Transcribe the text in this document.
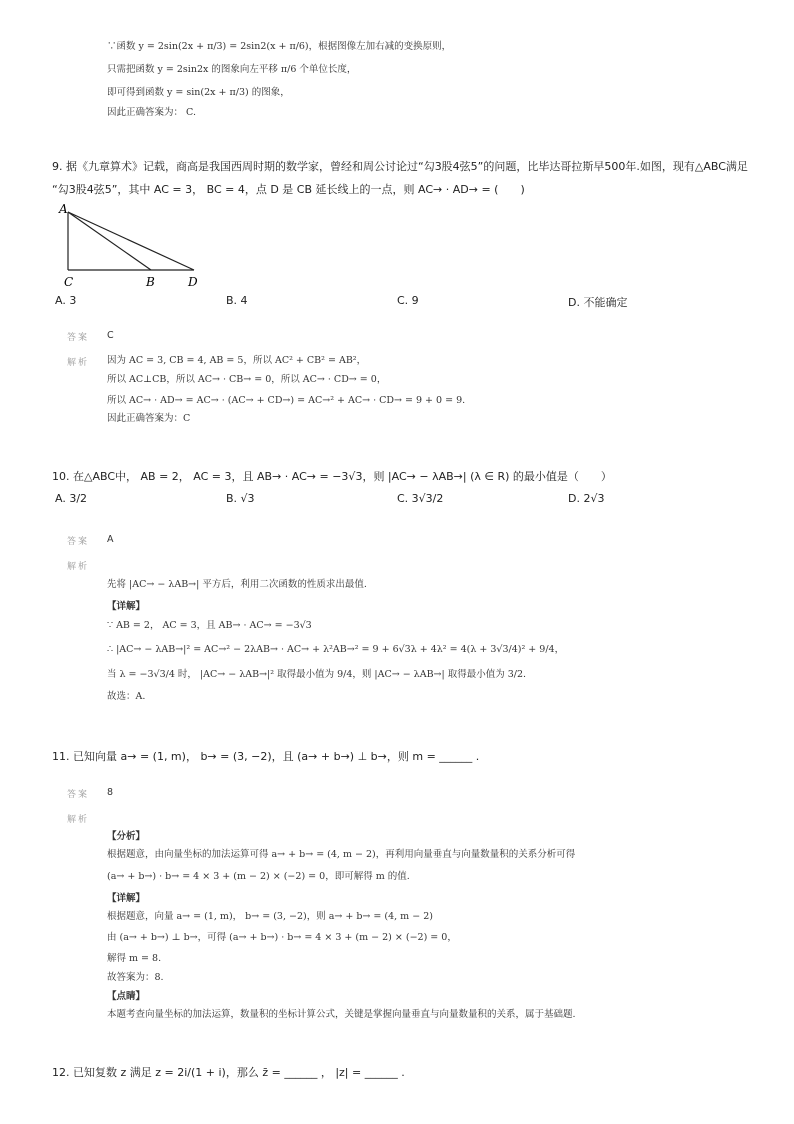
∵函数 y = 2sin(2x + π/3) = 2sin2(x + π/6)，根据图像左加右减的变换原则，
只需把函数 y = 2sin2x 的图象向左平移 π/6 个单位长度，
即可得到函数 y = sin(2x + π/3) 的图象，
因此正确答案为： C.
9. 据《九章算术》记载，商高是我国西周时期的数学家，曾经和周公讨论过“勾3股4弦5”的问题，比毕达哥拉斯早500年.如图，现有△ABC满足
“勾3股4弦5”，其中 AC = 3， BC = 4，点 D 是 CB 延长线上的一点，则 AC→ · AD→ = (　　)
A
C	B	D
A. 3	B. 4	C. 9	D. 不能确定
答案 C
解析 因为 AC = 3, CB = 4, AB = 5，所以 AC² + CB² = AB²，
所以 AC⊥CB，所以 AC→ · CB→ = 0，所以 AC→ · CD→ = 0，
所以 AC→ · AD→ = AC→ · (AC→ + CD→) = AC→² + AC→ · CD→ = 9 + 0 = 9.
因此正确答案为：C
10. 在△ABC中， AB = 2， AC = 3，且 AB→ · AC→ = −3√3，则 |AC→ − λAB→| (λ ∈ R) 的最小值是（　　）
A. 3/2	B. √3	C. 3√3/2	D. 2√3
答案 A
解析
先将 |AC→ − λAB→| 平方后，利用二次函数的性质求出最值.
【详解】
∵ AB = 2， AC = 3，且 AB→ · AC→ = −3√3
∴ |AC→ − λAB→|² = AC→² − 2λAB→ · AC→ + λ²AB→² = 9 + 6√3λ + 4λ² = 4(λ + 3√3/4)² + 9/4，
当 λ = −3√3/4 时， |AC→ − λAB→|² 取得最小值为 9/4，则 |AC→ − λAB→| 取得最小值为 3/2.
故选：A.
11. 已知向量 a→ = (1, m)， b→ = (3, −2)，且 (a→ + b→) ⊥ b→，则 m = ______ .
答案 8
解析
【分析】
根据题意，由向量坐标的加法运算可得 a→ + b→ = (4, m − 2)，再利用向量垂直与向量数量积的关系分析可得
(a→ + b→) · b→ = 4 × 3 + (m − 2) × (−2) = 0，即可解得 m 的值.
【详解】
根据题意，向量 a→ = (1, m)， b→ = (3, −2)，则 a→ + b→ = (4, m − 2)
由 (a→ + b→) ⊥ b→，可得 (a→ + b→) · b→ = 4 × 3 + (m − 2) × (−2) = 0，
解得 m = 8.
故答案为：8.
【点睛】
本题考查向量坐标的加法运算，数量积的坐标计算公式，关键是掌握向量垂直与向量数量积的关系，属于基础题.
12. 已知复数 z 满足 z = 2i/(1 + i)，那么 z̄ = ______ ， |z| = ______ .
